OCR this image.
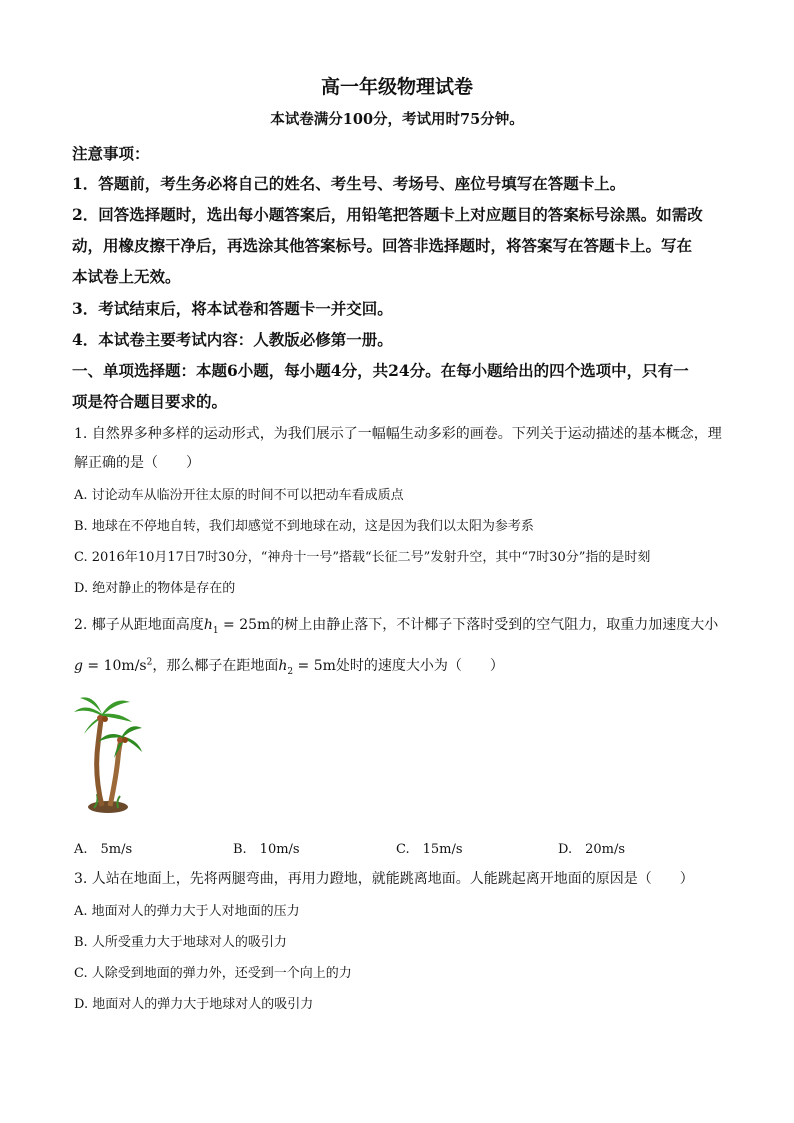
高一年级物理试卷
本试卷满分100分，考试用时75分钟。
注意事项：
1．答题前，考生务必将自己的姓名、考生号、考场号、座位号填写在答题卡上。
2．回答选择题时，选出每小题答案后，用铅笔把答题卡上对应题目的答案标号涂黑。如需改
动，用橡皮擦干净后，再选涂其他答案标号。回答非选择题时，将答案写在答题卡上。写在
本试卷上无效。
3．考试结束后，将本试卷和答题卡一并交回。
4．本试卷主要考试内容：人教版必修第一册。
一、单项选择题：本题6小题，每小题4分，共24分。在每小题给出的四个选项中，只有一
项是符合题目要求的。
1. 自然界多种多样的运动形式，为我们展示了一幅幅生动多彩的画卷。下列关于运动描述的基本概念，理
解正确的是（　　）
A. 讨论动车从临汾开往太原的时间不可以把动车看成质点
B. 地球在不停地自转，我们却感觉不到地球在动，这是因为我们以太阳为参考系
C. 2016年10月17日7时30分，“神舟十一号”搭载“长征二号”发射升空，其中“7时30分”指的是时刻
D. 绝对静止的物体是存在的
2. 椰子从距地面高度$h_1 = 25m$的树上由静止落下，不计椰子下落时受到的空气阻力，取重力加速度大小
$g = 10m/s^2$，那么椰子在距地面$h_2 = 5m$处时的速度大小为（　　）
A.　5m/s	B.　10m/s	C.　15m/s	D.　20m/s
3. 人站在地面上，先将两腿弯曲，再用力蹬地，就能跳离地面。人能跳起离开地面的原因是（　　）
A. 地面对人的弹力大于人对地面的压力
B. 人所受重力大于地球对人的吸引力
C. 人除受到地面的弹力外，还受到一个向上的力
D. 地面对人的弹力大于地球对人的吸引力
